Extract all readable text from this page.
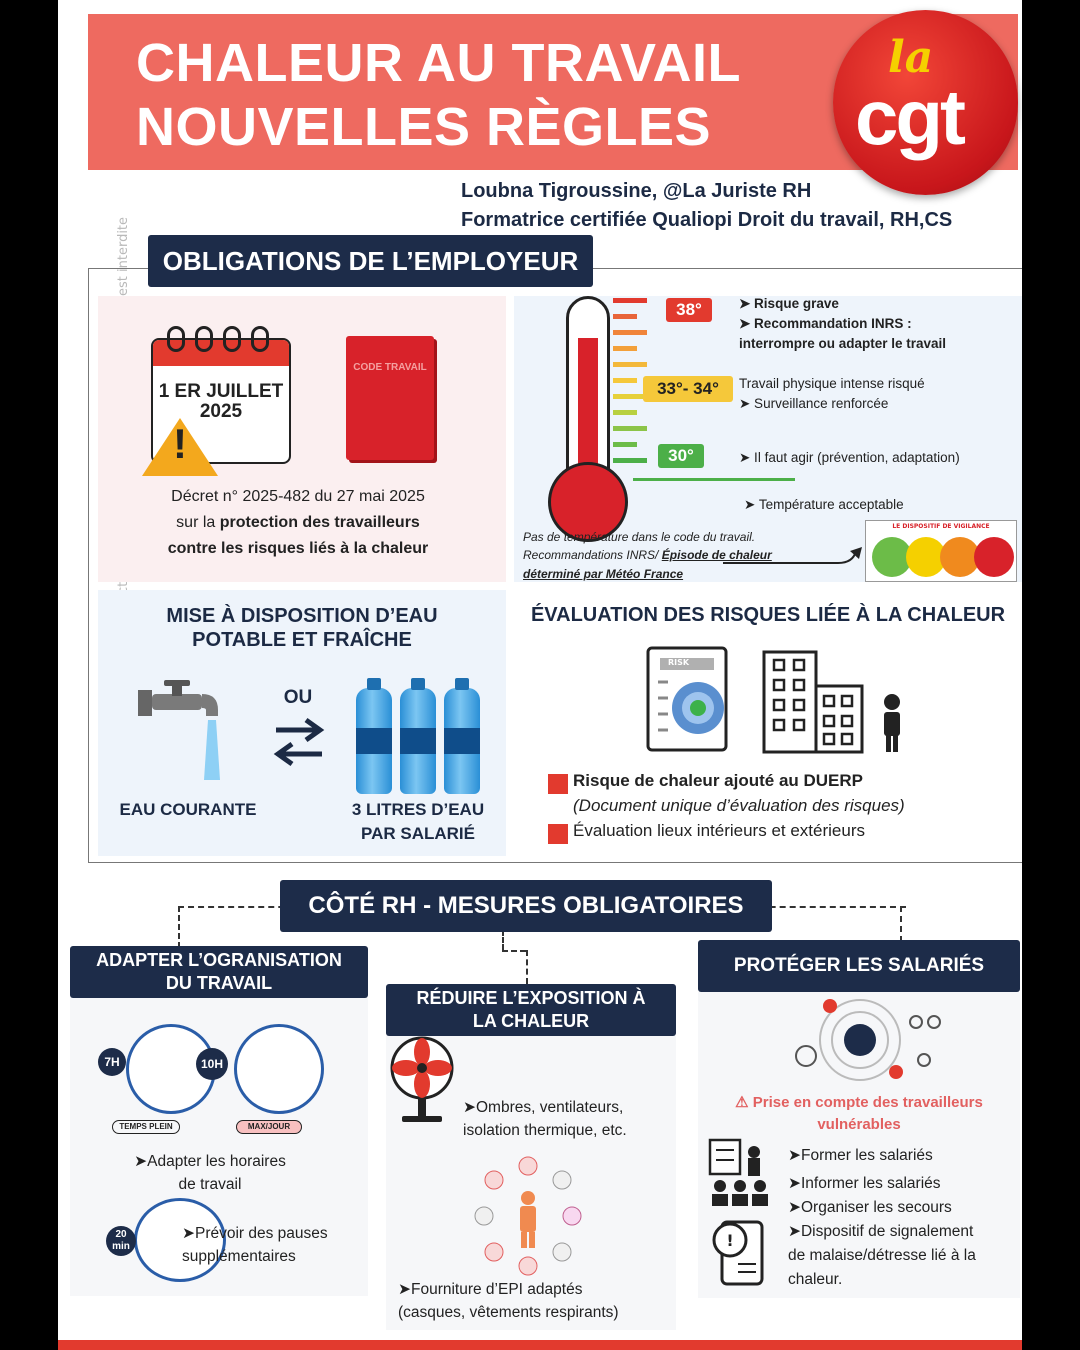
CHALEUR AU TRAVAIL
NOUVELLES RÈGLES
la
cgt
Loubna Tigroussine, @La Juriste RH
Formatrice certifiée Qualiopi Droit du travail, RH,CS
OBLIGATIONS DE L’EMPLOYEUR
1 ER JUILLET
2025
!
CODE TRAVAIL
Décret n° 2025-482 du 27 mai 2025
sur la protection des travailleurs
contre les risques liés à la chaleur
38°
33°- 34°
30°
➤ Risque grave
➤ Recommandation INRS :
interrompre ou adapter le travail
Travail physique intense risqué
➤ Surveillance renforcée
➤ Il faut agir (prévention, adaptation)
➤ Température acceptable
Pas de température dans le code du travail.
Recommandations INRS/ Épisode de chaleur
déterminé par Météo France
LE DISPOSITIF DE VIGILANCE
MISE À DISPOSITION D’EAU
POTABLE ET FRAÎCHE
OU
EAU COURANTE	3 LITRES D’EAU
PAR SALARIÉ
ÉVALUATION DES RISQUES LIÉE À LA CHALEUR
RISK
Risque de chaleur ajouté au DUERP
(Document unique d’évaluation des risques)
Évaluation lieux intérieurs et extérieurs
CÔTÉ RH - MESURES OBLIGATOIRES
ADAPTER L’OGRANISATION
DU TRAVAIL
7H	10H
TEMPS PLEIN	MAX/JOUR
➤Adapter les horaires
de travail
20 min
➤Prévoir des pauses
supplémentaires
RÉDUIRE L’EXPOSITION À
LA CHALEUR
➤Ombres, ventilateurs,
isolation thermique, etc.
➤Fourniture d’EPI adaptés
(casques, vêtements respirants)
PROTÉGER LES SALARIÉS
⚠ Prise en compte des travailleurs
vulnérables
!
➤Former les salariés
➤Informer les salariés
➤Organiser les secours
➤Dispositif de signalement
de malaise/détresse lié à la
chaleur.
